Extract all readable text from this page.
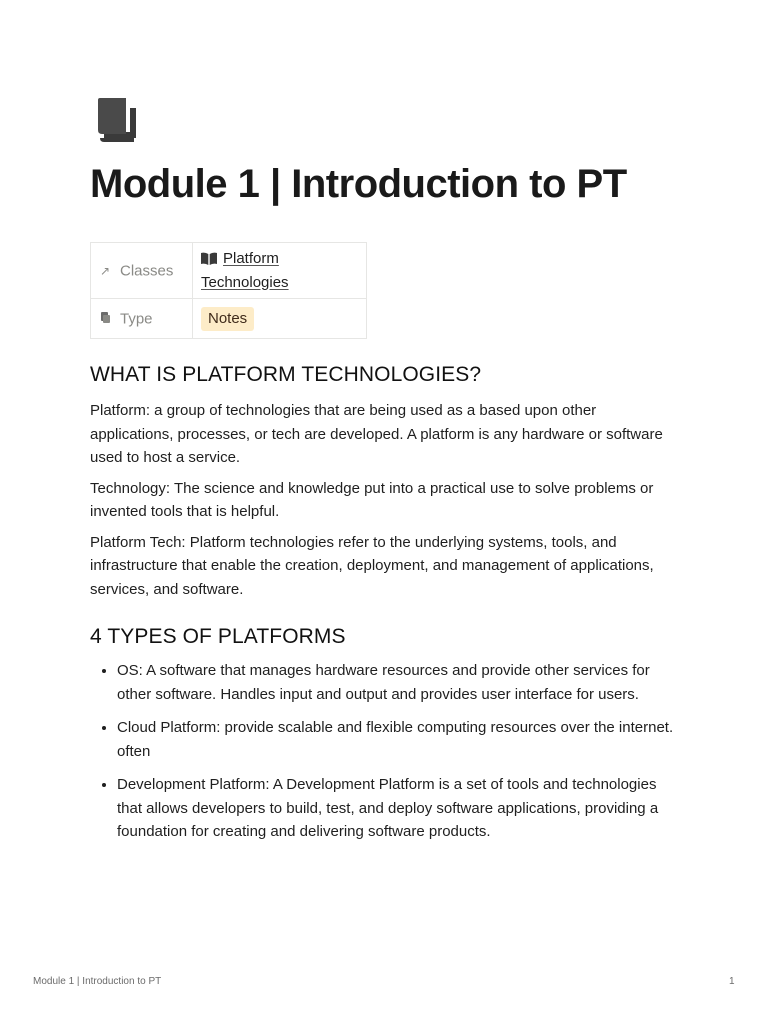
Module 1 | Introduction to PT
↗ Classes	Platform
Technologies

Type	Notes
WHAT IS PLATFORM TECHNOLOGIES?

Platform: a group of technologies that are being used as a based upon other applications, processes, or tech are developed. A platform is any hardware or software used to host a service.

Technology: The science and knowledge put into a practical use to solve problems or invented tools that is helpful.

Platform Tech: Platform technologies refer to the underlying systems, tools, and infrastructure that enable the creation, deployment, and management of applications, services, and software.

4 TYPES OF PLATFORMS
• OS: A software that manages hardware resources and provide other services for other software. Handles input and output and provides user interface for users.
• Cloud Platform: provide scalable and flexible computing resources over the internet. often
• Development Platform: A Development Platform is a set of tools and technologies that allows developers to build, test, and deploy software applications, providing a foundation for creating and delivering software products.
Module 1 | Introduction to PT	1
